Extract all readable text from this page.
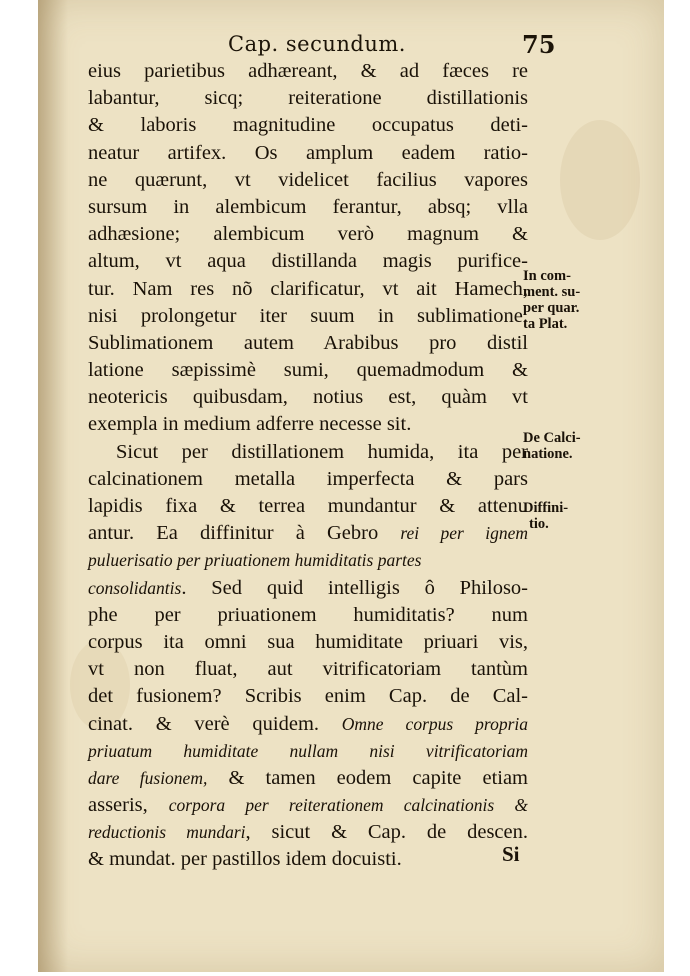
Cap. secundum.	75
eius parietibus adhæreant, & ad fæces re
labantur, sicq; reiteratione distillationis
& laboris magnitudine occupatus deti-
neatur artifex. Os amplum eadem ratio-
ne quærunt, vt videlicet facilius vapores
sursum in alembicum ferantur, absq; vlla
adhæsione; alembicum verò magnum &
altum, vt aqua distillanda magis purifice-
tur. Nam res nõ clarificatur, vt ait Hamech,
nisi prolongetur iter suum in sublimatione.
Sublimationem autem Arabibus pro distil
latione sæpissimè sumi, quemadmodum &
neotericis quibusdam, notius est, quàm vt
exempla in medium adferre necesse sit.
Sicut per distillationem humida, ita per
calcinationem metalla imperfecta & pars
lapidis fixa & terrea mundantur & attenu
antur. Ea diffinitur à Gebro rei per ignem
puluerisatio per priuationem humiditatis partes
consolidantis. Sed quid intelligis ô Philoso-
phe per priuationem humiditatis? num
corpus ita omni sua humiditate priuari vis,
vt non fluat, aut vitrificatoriam tantùm
det fusionem? Scribis enim Cap. de Cal-
cinat. & verè quidem. Omne corpus propria
priuatum humiditate nullam nisi vitrificatoriam
dare fusionem, & tamen eodem capite etiam
asseris, corpora per reiterationem calcinationis &
reductionis mundari, sicut & Cap. de descen.
& mundat. per pastillos idem docuisti.
In com-
ment. su-
per quar.
ta Plat.
De Calci-
natione.
Diffini-
tio.
Si
